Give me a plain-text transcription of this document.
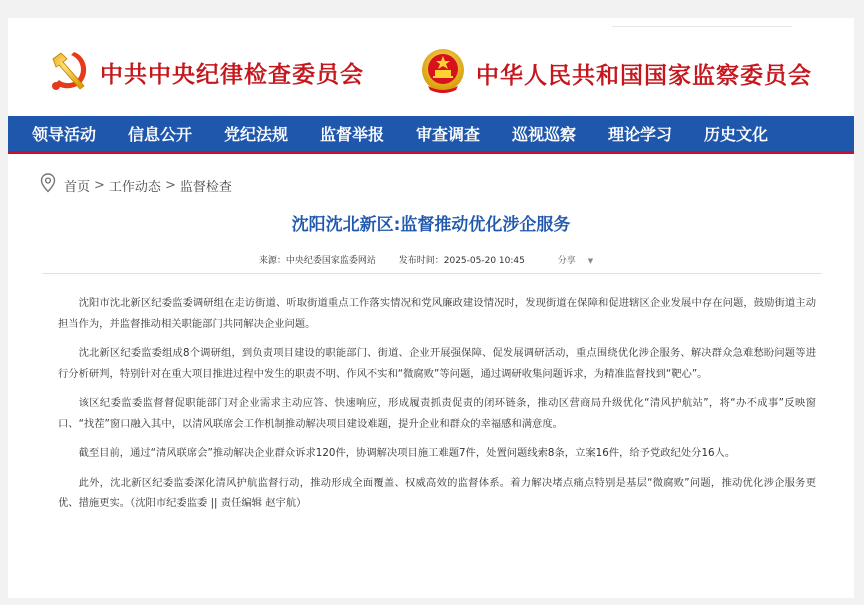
中共中央纪律检查委员会	中华人民共和国国家监察委员会
领导活动	信息公开	党纪法规	监督举报	审查调查	巡视巡察	理论学习	历史文化
首页 > 工作动态 > 监督检查
沈阳沈北新区:监督推动优化涉企服务
来源：中央纪委国家监委网站	发布时间：2025-05-20 10:45	分享 ▼

沈阳市沈北新区纪委监委调研组在走访街道、听取街道重点工作落实情况和党风廉政建设情况时，发现街道在保障和促进辖区企业发展中存在问题，鼓励街道主动担当作为，并监督推动相关职能部门共同解决企业问题。

沈北新区纪委监委组成8个调研组，到负责项目建设的职能部门、街道、企业开展强保障、促发展调研活动，重点围绕优化涉企服务、解决群众急难愁盼问题等进行分析研判，特别针对在重大项目推进过程中发生的职责不明、作风不实和“微腐败”等问题，通过调研收集问题诉求，为精准监督找到“靶心”。

该区纪委监委监督督促职能部门对企业需求主动应答、快速响应，形成履责抓责促责的闭环链条，推动区营商局升级优化“清风护航站”，将“办不成事”反映窗口、“找茬”窗口融入其中，以清风联席会工作机制推动解决项目建设难题，提升企业和群众的幸福感和满意度。

截至目前，通过“清风联席会”推动解决企业群众诉求120件，协调解决项目施工难题7件，处置问题线索8条，立案16件，给予党政纪处分16人。

此外，沈北新区纪委监委深化清风护航监督行动，推动形成全面覆盖、权威高效的监督体系。着力解决堵点痛点特别是基层“微腐败”问题，推动优化涉企服务更优、措施更实。（沈阳市纪委监委 || 责任编辑 赵宇航）
